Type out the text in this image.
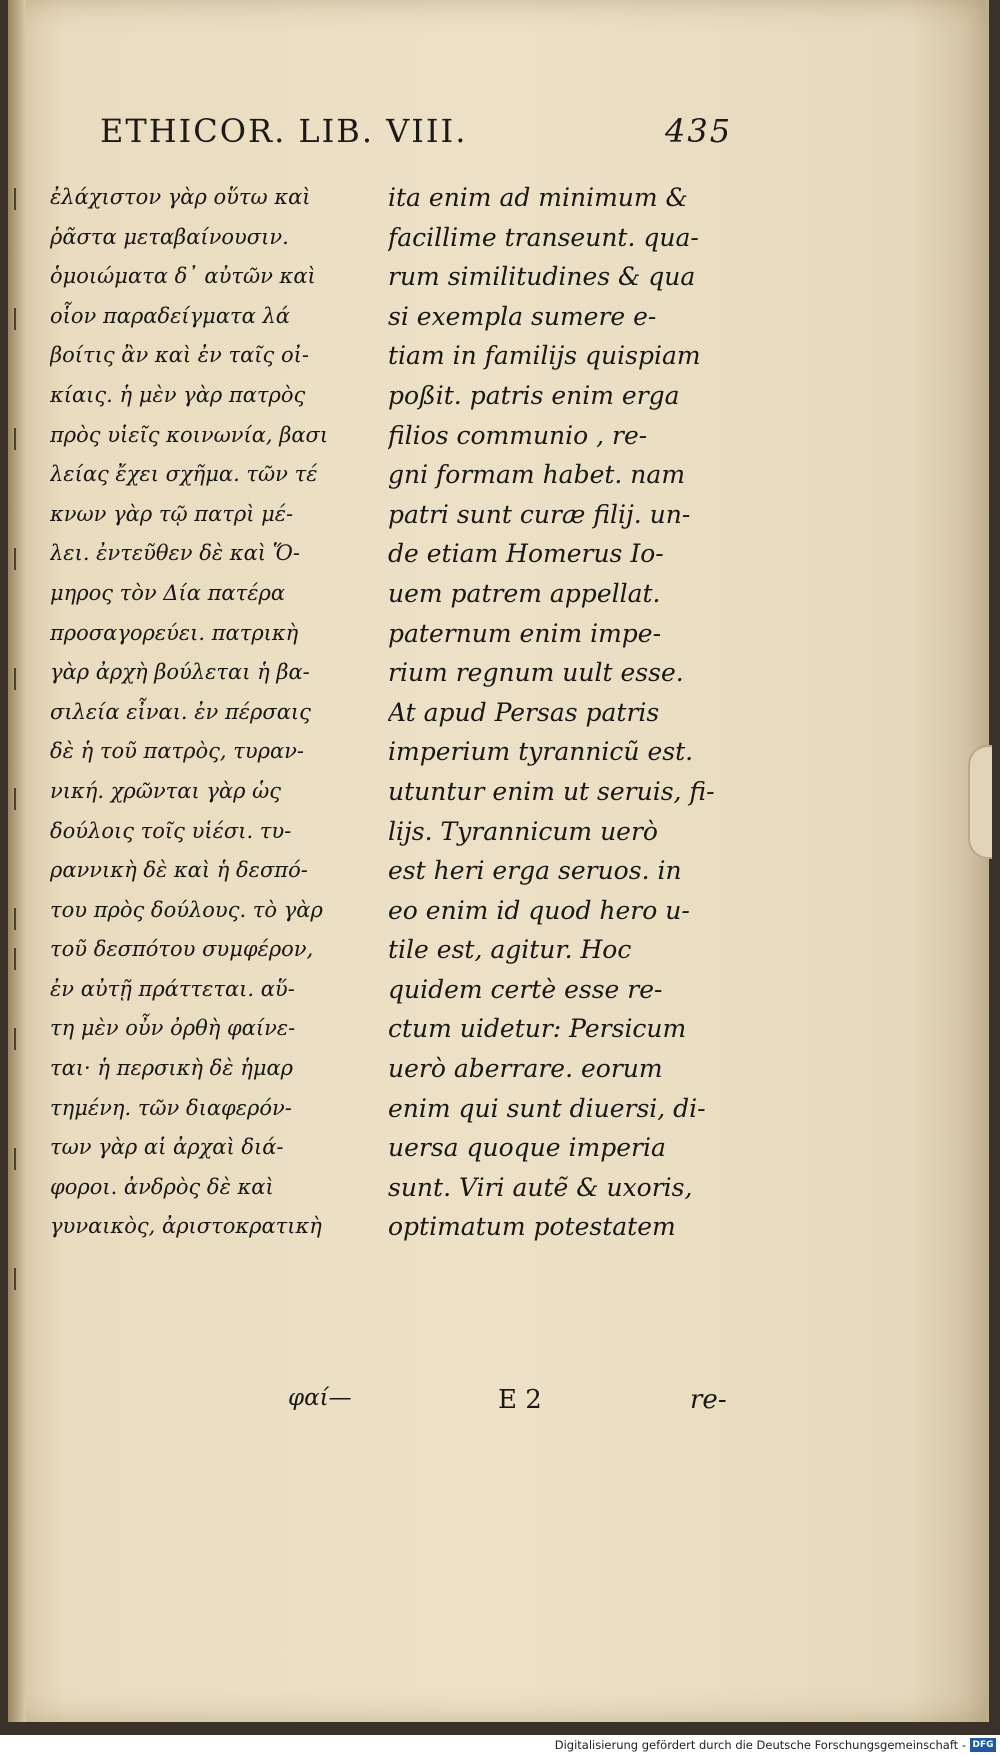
ETHICOR. LIB. VIII.	435
ἐλάχιστον γὰρ οὕτω καὶ
ῥᾶστα μεταβαίνουσιν.
ὁμοιώματα δ᾽ αὐτῶν καὶ
οἷον παραδείγματα λά
βοίτις ἂν καὶ ἐν ταῖς οἰ-
κίαις. ἡ μὲν γὰρ πατρὸς
πρὸς υἱεῖς κοινωνία, βασι
λείας ἔχει σχῆμα. τῶν τέ
κνων γὰρ τῷ πατρὶ μέ-
λει. ἐντεῦθεν δὲ καὶ Ὅ-
μηρος τὸν Δία πατέρα
προσαγορεύει. πατρικὴ
γὰρ ἀρχὴ βούλεται ἡ βα-
σιλεία εἶναι. ἐν πέρσαις
δὲ ἡ τοῦ πατρὸς, τυραν-
νική. χρῶνται γὰρ ὡς
δούλοις τοῖς υἱέσι. τυ-
ραννικὴ δὲ καὶ ἡ δεσπό-
του πρὸς δούλους. τὸ γὰρ
τοῦ δεσπότου συμφέρον,
ἐν αὐτῇ πράττεται. αὕ-
τη μὲν οὖν ὀρθὴ φαίνε-
ται· ἡ περσικὴ δὲ ἡμαρ
τημένη. τῶν διαφερόν-
των γὰρ αἱ ἀρχαὶ διά-
φοροι. ἀνδρὸς δὲ καὶ
γυναικὸς, ἀριστοκρατικὴ
ita enim ad minimum &
facillime transeunt. qua-
rum similitudines & qua
si exempla sumere e-
tiam in familijs quispiam
poßit. patris enim erga
filios communio , re-
gni formam habet. nam
patri sunt curæ filij. un-
de etiam Homerus Io-
uem patrem appellat.
paternum enim impe-
rium regnum uult esse.
At apud Persas patris
imperium tyrannicũ est.
utuntur enim ut seruis, fi-
lijs. Tyrannicum uerò
est heri erga seruos. in
eo enim id quod hero u-
tile est, agitur. Hoc
quidem certè esse re-
ctum uidetur: Persicum
uerò aberrare. eorum
enim qui sunt diuersi, di-
uersa quoque imperia
sunt. Viri autẽ & uxoris,
optimatum potestatem
φαί—	E 2	re-
Digitalisierung gefördert durch die Deutsche Forschungsgemeinschaft - DFG
